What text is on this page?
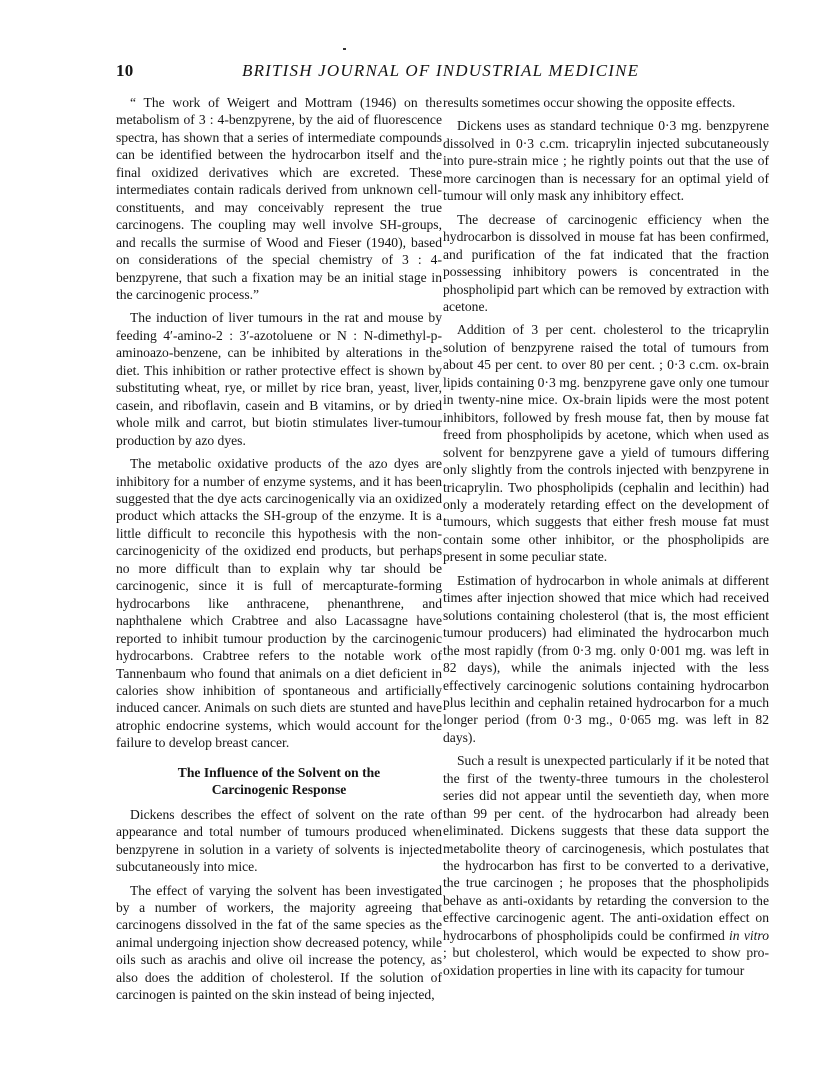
10	BRITISH JOURNAL OF INDUSTRIAL MEDICINE

“ The work of Weigert and Mottram (1946) on the metabolism of 3 : 4-benzpyrene, by the aid of fluorescence spectra, has shown that a series of intermediate compounds can be identified between the hydrocarbon itself and the final oxidized derivatives which are excreted. These intermediates contain radicals derived from unknown cell-constituents, and may conceivably represent the true carcinogens. The coupling may well involve SH-groups, and recalls the surmise of Wood and Fieser (1940), based on considerations of the special chemistry of 3 : 4-benzpyrene, that such a fixation may be an initial stage in the carcinogenic process.”

The induction of liver tumours in the rat and mouse by feeding 4′-amino-2 : 3′-azotoluene or N : N-dimethyl-p-aminoazo-benzene, can be inhibited by alterations in the diet. This inhibition or rather protective effect is shown by substituting wheat, rye, or millet by rice bran, yeast, liver, casein, and riboflavin, casein and B vitamins, or by dried whole milk and carrot, but biotin stimulates liver-tumour production by azo dyes.

The metabolic oxidative products of the azo dyes are inhibitory for a number of enzyme systems, and it has been suggested that the dye acts carcinogenically via an oxidized product which attacks the SH-group of the enzyme. It is a little difficult to reconcile this hypothesis with the non-carcinogenicity of the oxidized end products, but perhaps no more difficult than to explain why tar should be carcinogenic, since it is full of mercapturate-forming hydrocarbons like anthracene, phenanthrene, and naphthalene which Crabtree and also Lacassagne have reported to inhibit tumour production by the carcinogenic hydrocarbons. Crabtree refers to the notable work of Tannenbaum who found that animals on a diet deficient in calories show inhibition of spontaneous and artificially induced cancer. Animals on such diets are stunted and have atrophic endocrine systems, which would account for the failure to develop breast cancer.

The Influence of the Solvent on the
Carcinogenic Response

Dickens describes the effect of solvent on the rate of appearance and total number of tumours produced when benzpyrene in solution in a variety of solvents is injected subcutaneously into mice.

The effect of varying the solvent has been investigated by a number of workers, the majority agreeing that carcinogens dissolved in the fat of the same species as the animal undergoing injection show decreased potency, while oils such as arachis and olive oil increase the potency, as also does the addition of cholesterol. If the solution of carcinogen is painted on the skin instead of being injected,

results sometimes occur showing the opposite effects.

Dickens uses as standard technique 0·3 mg. benzpyrene dissolved in 0·3 c.cm. tricaprylin injected subcutaneously into pure-strain mice ; he rightly points out that the use of more carcinogen than is necessary for an optimal yield of tumour will only mask any inhibitory effect.

The decrease of carcinogenic efficiency when the hydrocarbon is dissolved in mouse fat has been confirmed, and purification of the fat indicated that the fraction possessing inhibitory powers is concentrated in the phospholipid part which can be removed by extraction with acetone.

Addition of 3 per cent. cholesterol to the tricaprylin solution of benzpyrene raised the total of tumours from about 45 per cent. to over 80 per cent. ; 0·3 c.cm. ox-brain lipids containing 0·3 mg. benzpyrene gave only one tumour in twenty-nine mice. Ox-brain lipids were the most potent inhibitors, followed by fresh mouse fat, then by mouse fat freed from phospholipids by acetone, which when used as solvent for benzpyrene gave a yield of tumours differing only slightly from the controls injected with benzpyrene in tricaprylin. Two phospholipids (cephalin and lecithin) had only a moderately retarding effect on the development of tumours, which suggests that either fresh mouse fat must contain some other inhibitor, or the phospholipids are present in some peculiar state.

Estimation of hydrocarbon in whole animals at different times after injection showed that mice which had received solutions containing cholesterol (that is, the most efficient tumour producers) had eliminated the hydrocarbon much the most rapidly (from 0·3 mg. only 0·001 mg. was left in 82 days), while the animals injected with the less effectively carcinogenic solutions containing hydrocarbon plus lecithin and cephalin retained hydrocarbon for a much longer period (from 0·3 mg., 0·065 mg. was left in 82 days).

Such a result is unexpected particularly if it be noted that the first of the twenty-three tumours in the cholesterol series did not appear until the seventieth day, when more than 99 per cent. of the hydrocarbon had already been eliminated. Dickens suggests that these data support the metabolite theory of carcinogenesis, which postulates that the hydrocarbon has first to be converted to a derivative, the true carcinogen ; he proposes that the phospholipids behave as anti-oxidants by retarding the conversion to the effective carcinogenic agent. The anti-oxidation effect on hydrocarbons of phospholipids could be confirmed in vitro ; but cholesterol, which would be expected to show pro-oxidation properties in line with its capacity for tumour
